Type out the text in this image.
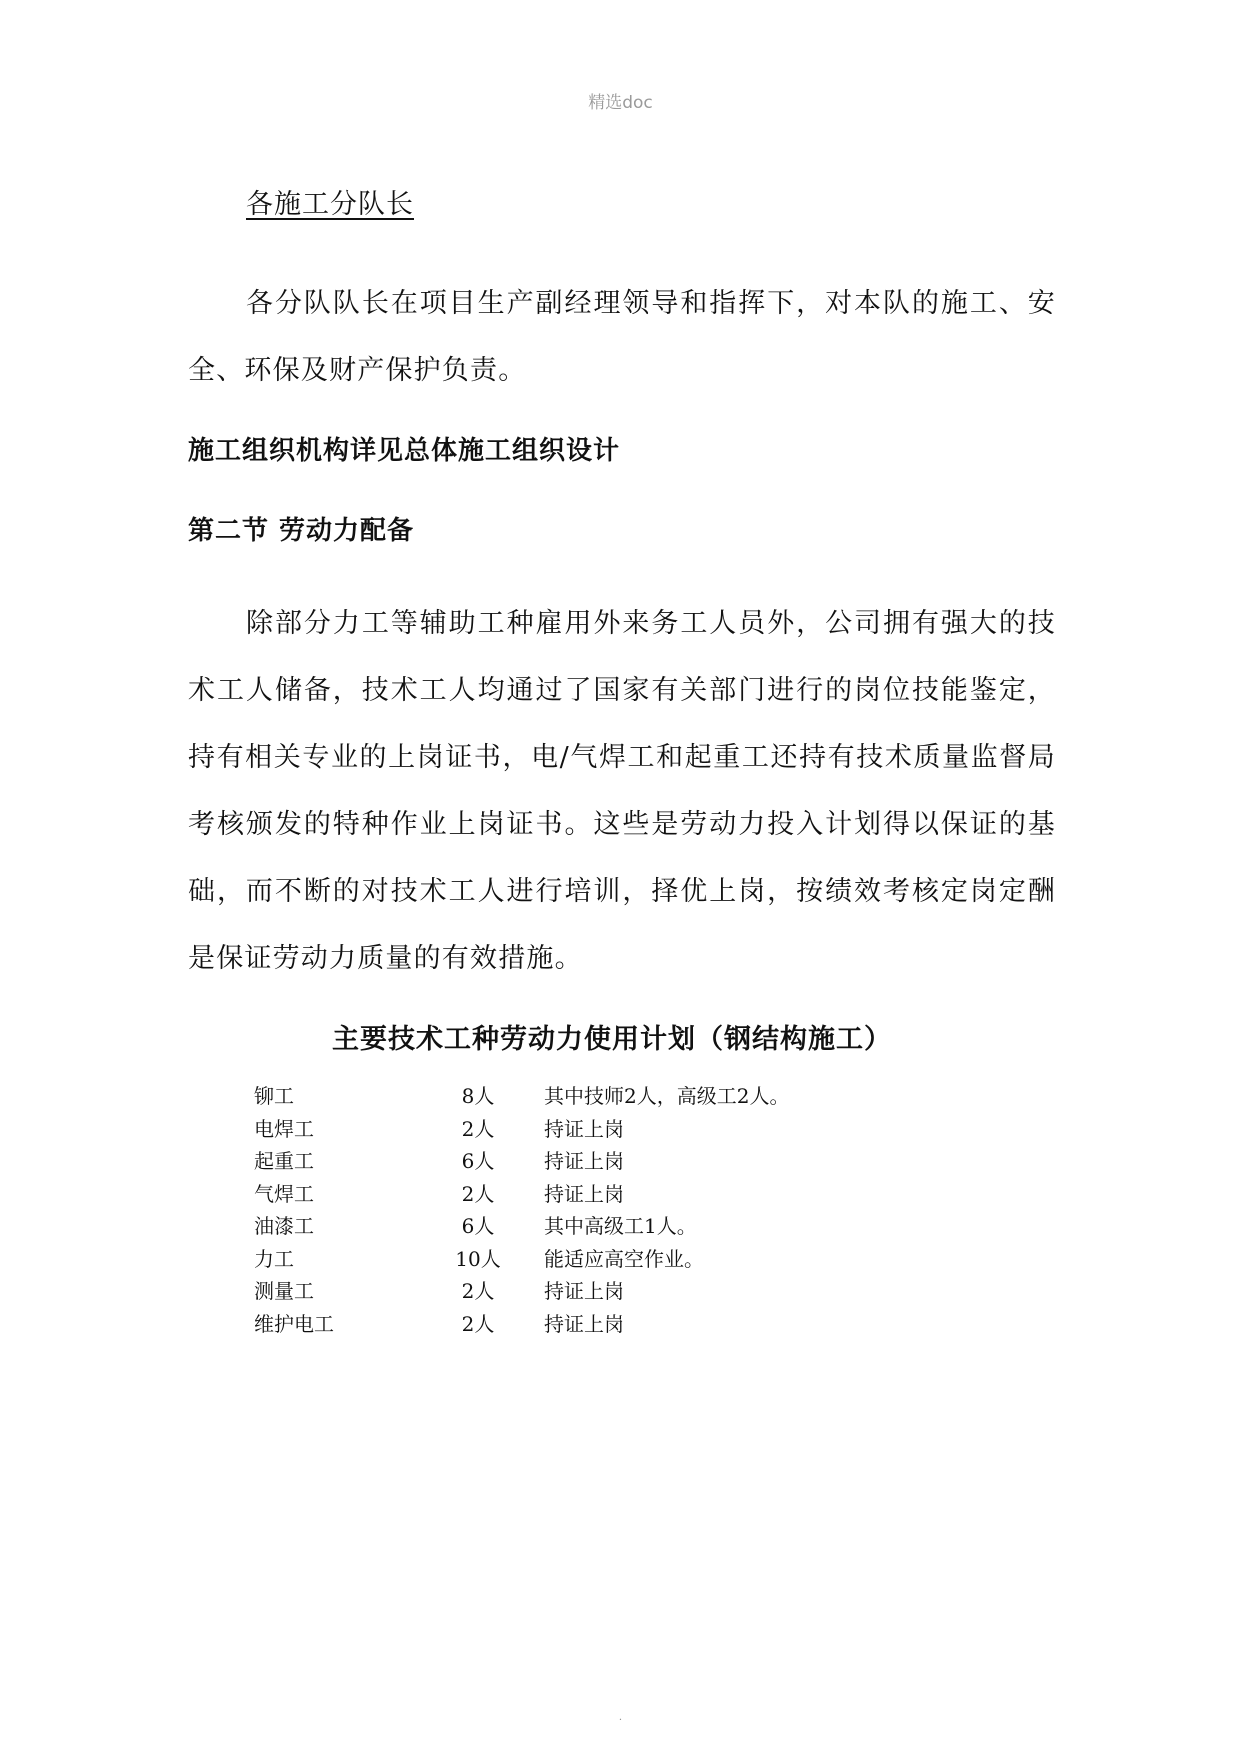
精选doc
各施工分队长
各分队队长在项目生产副经理领导和指挥下，对本队的施工、安全、环保及财产保护负责。
施工组织机构详见总体施工组织设计
第二节 劳动力配备
除部分力工等辅助工种雇用外来务工人员外，公司拥有强大的技术工人储备，技术工人均通过了国家有关部门进行的岗位技能鉴定，持有相关专业的上岗证书，电/气焊工和起重工还持有技术质量监督局考核颁发的特种作业上岗证书。这些是劳动力投入计划得以保证的基础，而不断的对技术工人进行培训，择优上岗，按绩效考核定岗定酬是保证劳动力质量的有效措施。
主要技术工种劳动力使用计划（钢结构施工）
铆工	8人	其中技师2人，高级工2人。
电焊工	2人	持证上岗
起重工	6人	持证上岗
气焊工	2人	持证上岗
油漆工	6人	其中高级工1人。
力工	10人	能适应高空作业。
测量工	2人	持证上岗
维护电工	2人	持证上岗
.
